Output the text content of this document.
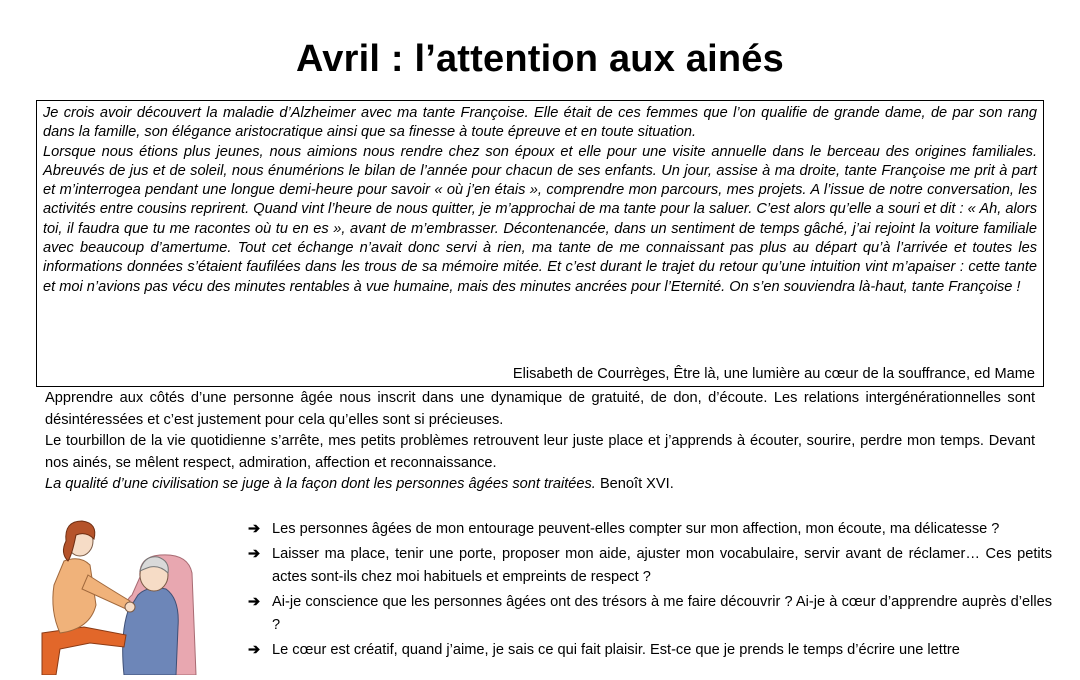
Avril : l’attention aux ainés

Je crois avoir découvert la maladie d’Alzheimer avec ma tante Françoise. Elle était de ces femmes que l’on qualifie de grande dame, de par son rang dans la famille, son élégance aristocratique ainsi que sa finesse à toute épreuve et en toute situation.

Lorsque nous étions plus jeunes, nous aimions nous rendre chez son époux et elle pour une visite annuelle dans le berceau des origines familiales. Abreuvés de jus et de soleil, nous énumérions le bilan de l’année pour chacun de ses enfants. Un jour, assise à ma droite, tante Françoise me prit à part et m’interrogea pendant une longue demi-heure pour savoir « où j’en étais », comprendre mon parcours, mes projets. A l’issue de notre conversation, les activités entre cousins reprirent. Quand vint l’heure de nous quitter, je m’approchai de ma tante pour la saluer. C’est alors qu’elle a souri et dit : « Ah, alors toi, il faudra que tu me racontes où tu en es », avant de m’embrasser. Décontenancée, dans un sentiment de temps gâché, j’ai rejoint la voiture familiale avec beaucoup d’amertume. Tout cet échange n’avait donc servi à rien, ma tante de me connaissant pas plus au départ qu’à l’arrivée et toutes les informations données s’étaient faufilées dans les trous de sa mémoire mitée. Et c’est durant le trajet du retour qu’une intuition vint m’apaiser : cette tante et moi n’avions pas vécu des minutes rentables à vue humaine, mais des minutes ancrées pour l’Eternité. On s’en souviendra là-haut, tante Françoise !

Elisabeth de Courrèges, Être là, une lumière au cœur de la souffrance, ed Mame

Apprendre aux côtés d’une personne âgée nous inscrit dans une dynamique de gratuité, de don, d’écoute. Les relations intergénérationnelles sont désintéressées et c’est justement pour cela qu’elles sont si précieuses.

Le tourbillon de la vie quotidienne s’arrête, mes petits problèmes retrouvent leur juste place et j’apprends à écouter, sourire, perdre mon temps. Devant nos ainés, se mêlent respect, admiration, affection et reconnaissance.

La qualité d’une civilisation se juge à la façon dont les personnes âgées sont traitées. Benoît XVI.

➔ Les personnes âgées de mon entourage peuvent-elles compter sur mon affection, mon écoute, ma délicatesse ?
➔ Laisser ma place, tenir une porte, proposer mon aide, ajuster mon vocabulaire, servir avant de réclamer… Ces petits actes sont-ils chez moi habituels et empreints de respect ?
➔ Ai-je conscience que les personnes âgées ont des trésors à me faire découvrir ? Ai-je à cœur d’apprendre auprès d’elles ?
➔ Le cœur est créatif, quand j’aime, je sais ce qui fait plaisir. Est-ce que je prends le temps d’écrire une lettre
